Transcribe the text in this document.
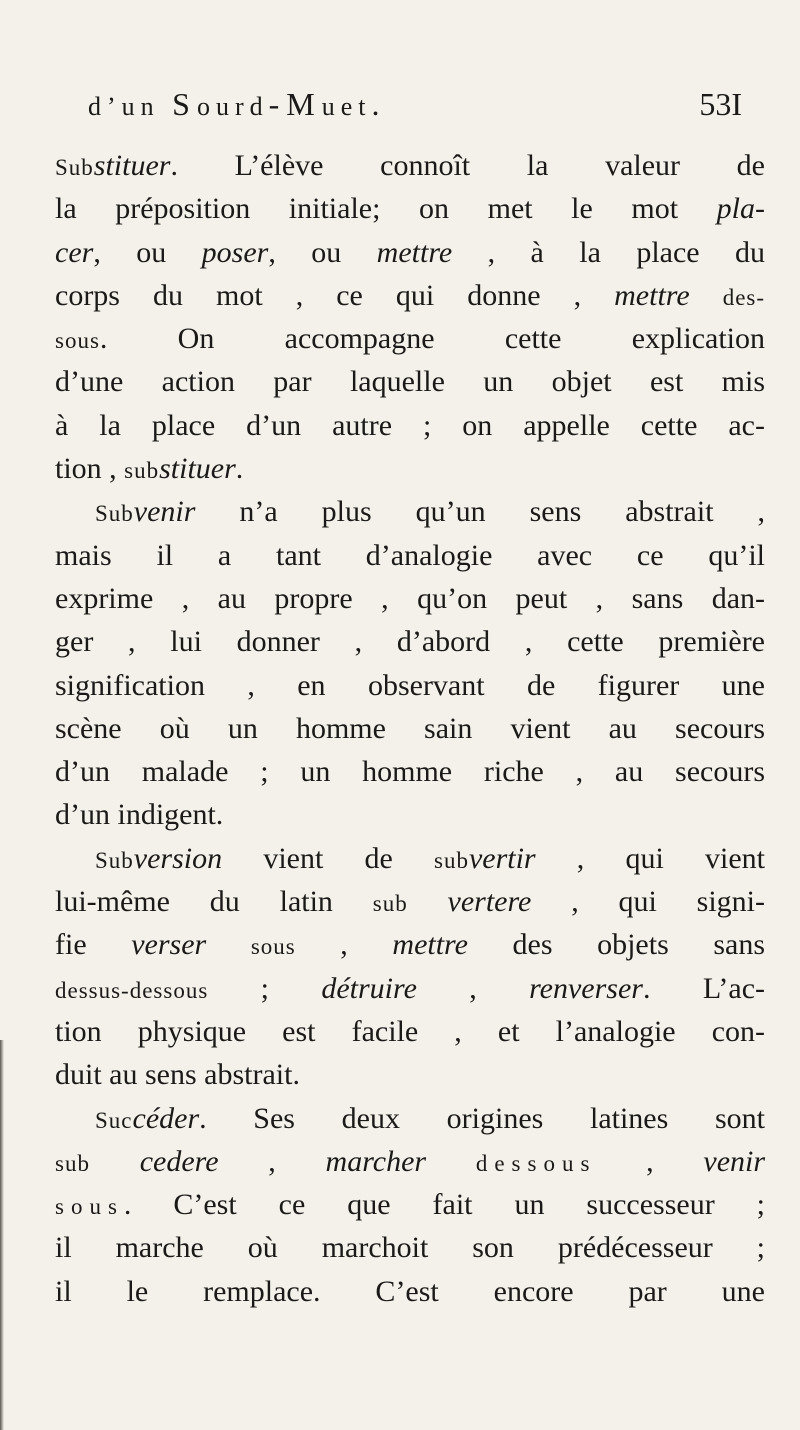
d’un Sourd-Muet.	53I
Substituer. L’élève connoît la valeur de
la préposition initiale; on met le mot pla-
cer, ou poser, ou mettre , à la place du
corps du mot , ce qui donne , mettre des-
sous. On accompagne cette explication
d’une action par laquelle un objet est mis
à la place d’un autre ; on appelle cette ac-
tion , substituer.
Subvenir n’a plus qu’un sens abstrait ,
mais il a tant d’analogie avec ce qu’il
exprime , au propre , qu’on peut , sans dan-
ger , lui donner , d’abord , cette première
signification , en observant de figurer une
scène où un homme sain vient au secours
d’un malade ; un homme riche , au secours
d’un indigent.
Subversion vient de subvertir , qui vient
lui-même du latin sub vertere , qui signi-
fie verser sous , mettre des objets sans
dessus-dessous ; détruire , renverser. L’ac-
tion physique est facile , et l’analogie con-
duit au sens abstrait.
Succéder. Ses deux origines latines sont
sub cedere , marcher dessous , venir
sous. C’est ce que fait un successeur ;
il marche où marchoit son prédécesseur ;
il le remplace. C’est encore par une
